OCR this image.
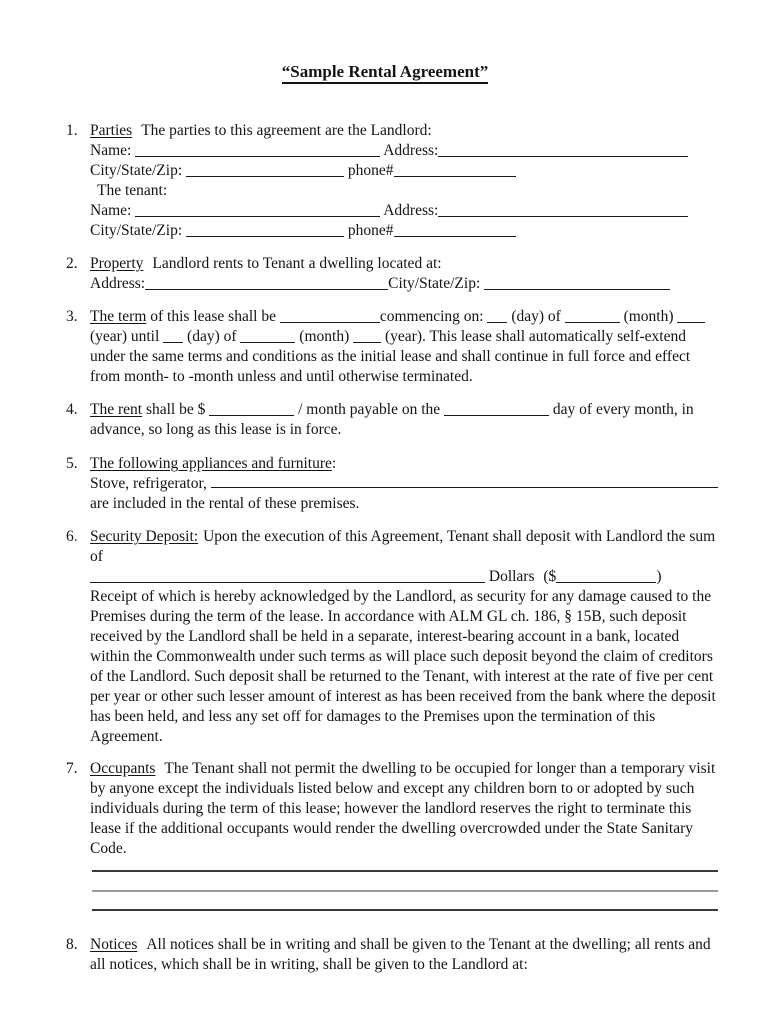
“Sample Rental Agreement”

1. Parties The parties to this agreement are the Landlord:

Name:	Address:

City/State/Zip:	phone#

The tenant:

Name:	Address:

City/State/Zip:	phone#

2. Property Landlord rents to Tenant a dwelling located at:

Address:	City/State/Zip:

3. The term of this lease shall be	commencing on: (day) of	(month)  (year) until (day) of	(month) (year). This lease shall automatically self-extend under the same terms and conditions as the initial lease and shall continue in full force and effect from month- to -month unless and until otherwise terminated.

4. The rent shall be $	/ month payable on the	day of every month, in advance, so long as this lease is in force.

5. The following appliances and furniture:

Stove, refrigerator,

are included in the rental of these premises.

6. Security Deposit: Upon the execution of this Agreement, Tenant shall deposit with Landlord the sum of

Dollars ($	)

Receipt of which is hereby acknowledged by the Landlord, as security for any damage caused to the Premises during the term of the lease. In accordance with ALM GL ch. 186, § 15B, such deposit received by the Landlord shall be held in a separate, interest-bearing account in a bank, located within the Commonwealth under such terms as will place such deposit beyond the claim of creditors of the Landlord. Such deposit shall be returned to the Tenant, with interest at the rate of five per cent per year or other such lesser amount of interest as has been received from the bank where the deposit has been held, and less any set off for damages to the Premises upon the termination of this Agreement.

7. Occupants The Tenant shall not permit the dwelling to be occupied for longer than a temporary visit by anyone except the individuals listed below and except any children born to or adopted by such individuals during the term of this lease; however the landlord reserves the right to terminate this lease if the additional occupants would render the dwelling overcrowded under the State Sanitary Code.

8. Notices All notices shall be in writing and shall be given to the Tenant at the dwelling; all rents and all notices, which shall be in writing, shall be given to the Landlord at:
